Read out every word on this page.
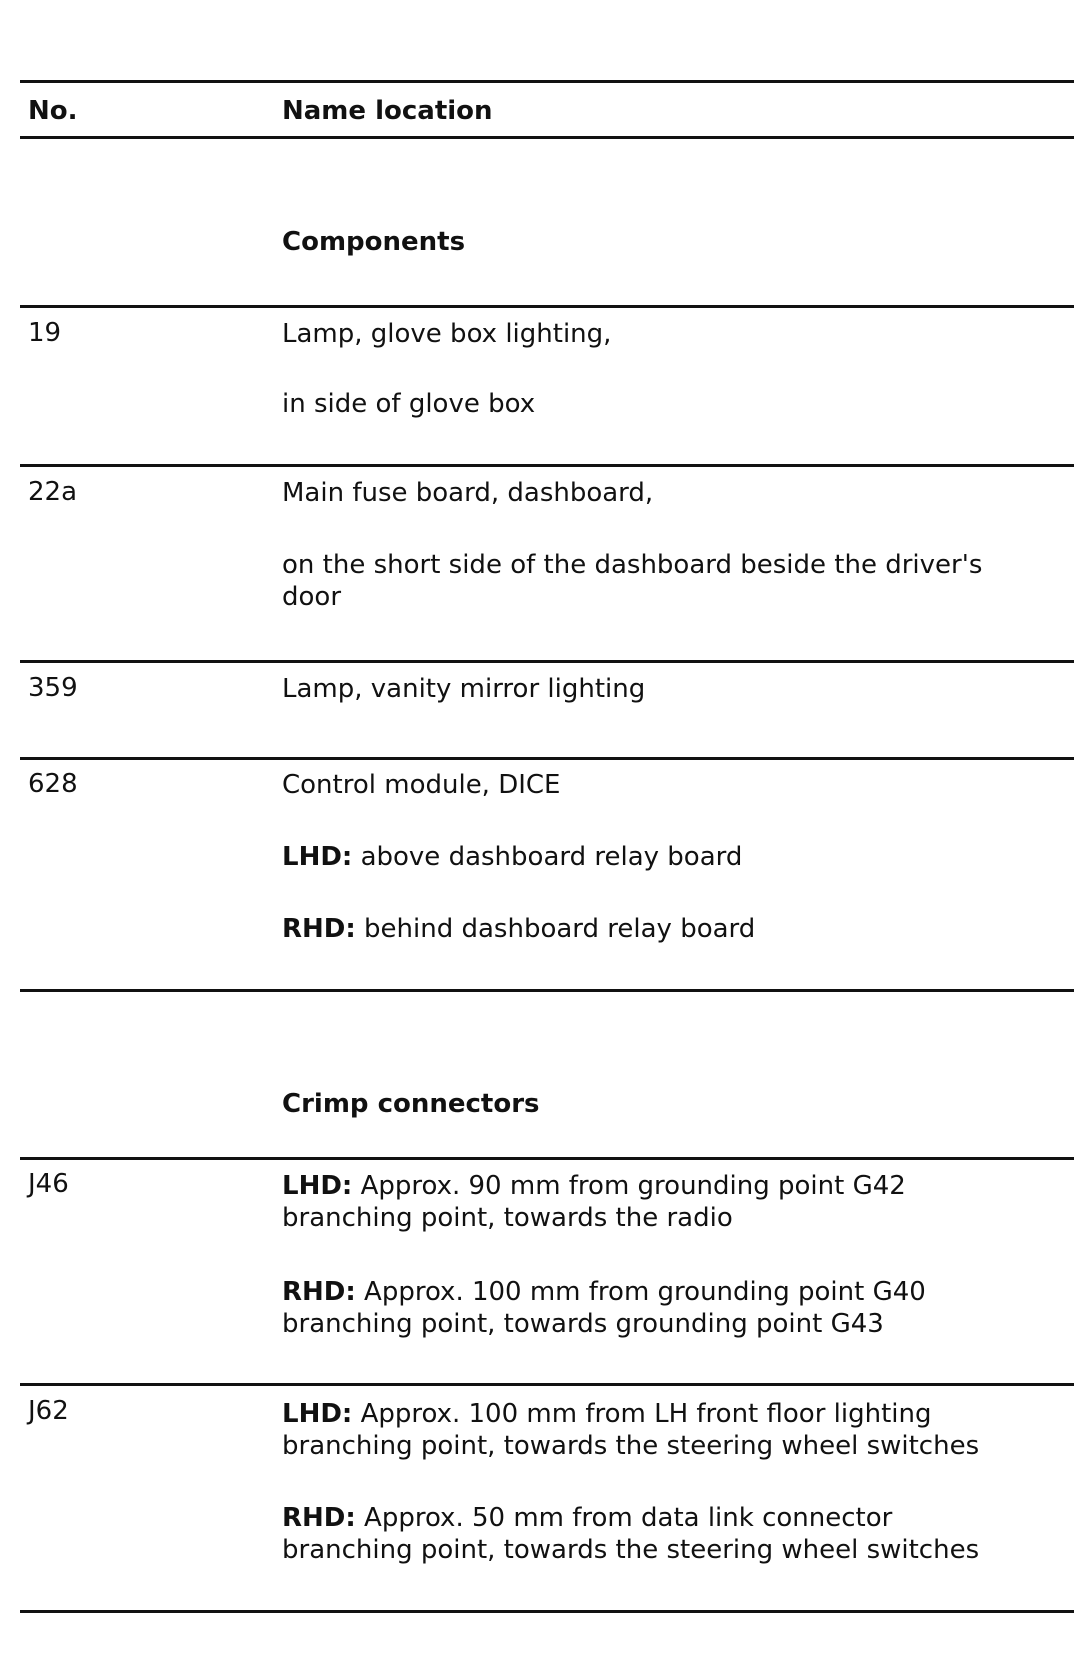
No.	Name location
Components
19	Lamp, glove box lighting,
in side of glove box
22a	Main fuse board, dashboard,
on the short side of the dashboard beside the driver's
door
359	Lamp, vanity mirror lighting
628	Control module, DICE
LHD: above dashboard relay board
RHD: behind dashboard relay board
Crimp connectors
J46	LHD: Approx. 90 mm from grounding point G42
branching point, towards the radio
RHD: Approx. 100 mm from grounding point G40
branching point, towards grounding point G43
J62	LHD: Approx. 100 mm from LH front floor lighting
branching point, towards the steering wheel switches
RHD: Approx. 50 mm from data link connector
branching point, towards the steering wheel switches
